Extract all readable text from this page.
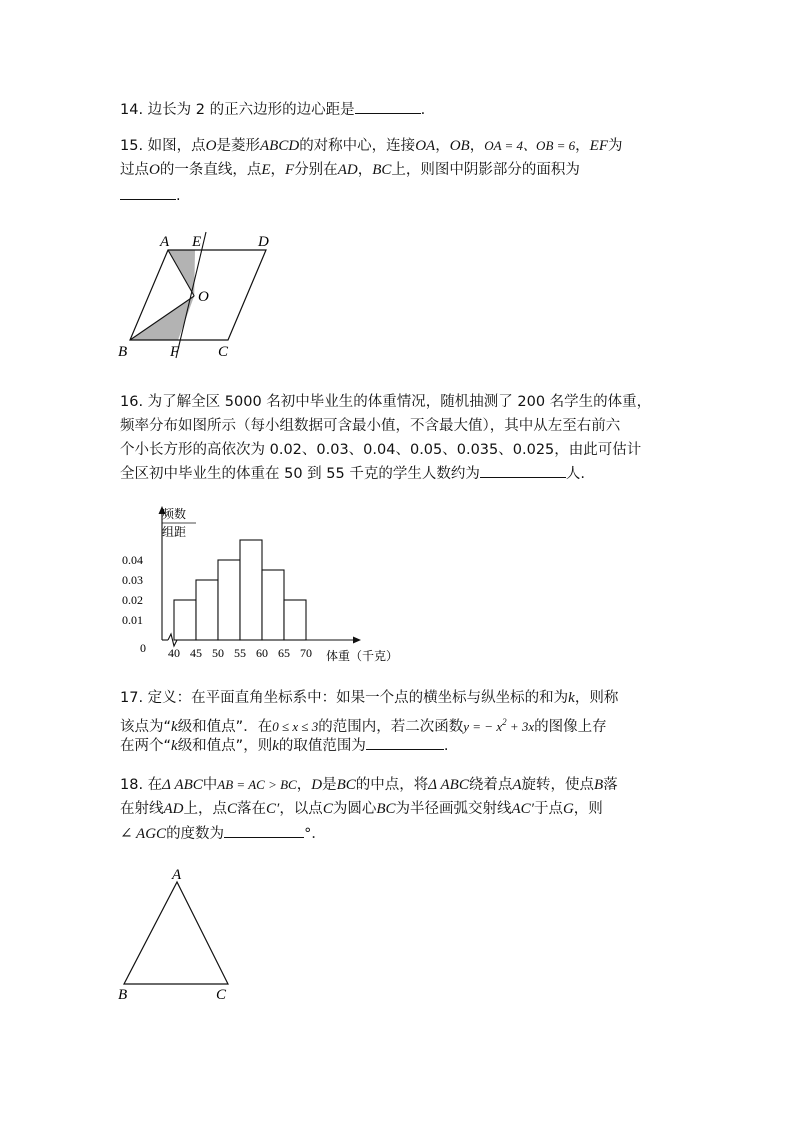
14. 边长为 2 的正六边形的边心距是	.
15. 如图，点O是菱形ABCD的对称中心，连接OA，OB，OA = 4、OB = 6，EF为
过点O的一条直线，点E，F分别在AD，BC上，则图中阴影部分的面积为
.
A E	D
O
B	F	C
16. 为了解全区 5000 名初中毕业生的体重情况，随机抽测了 200 名学生的体重，
频率分布如图所示（每小组数据可含最小值，不含最大值），其中从左至右前六
个小长方形的高依次为 0.02、0.03、0.04、0.05、0.035、0.025，由此可估计
全区初中毕业生的体重在 50 到 55 千克的学生人数约为	人.
0.01
0.02
0.03
0.04
40 45 50 55 60 65 70
0
频数
组距
体重（千克）
17. 定义：在平面直角坐标系中：如果一个点的横坐标与纵坐标的和为k，则称
该点为“k级和值点”．在0 ≤ x ≤ 3的范围内，若二次函数y = − $x^2 + 3x$的图像上存
在两个“k级和值点”，则k的取值范围为	.
18. 在Δ ABC中AB = AC > BC，D是BC的中点，将Δ ABC绕着点A旋转，使点B落
在射线AD上，点C落在C′，以点C为圆心BC为半径画弧交射线AC′于点G，则
∠ AGC的度数为	°．
A
B	C
